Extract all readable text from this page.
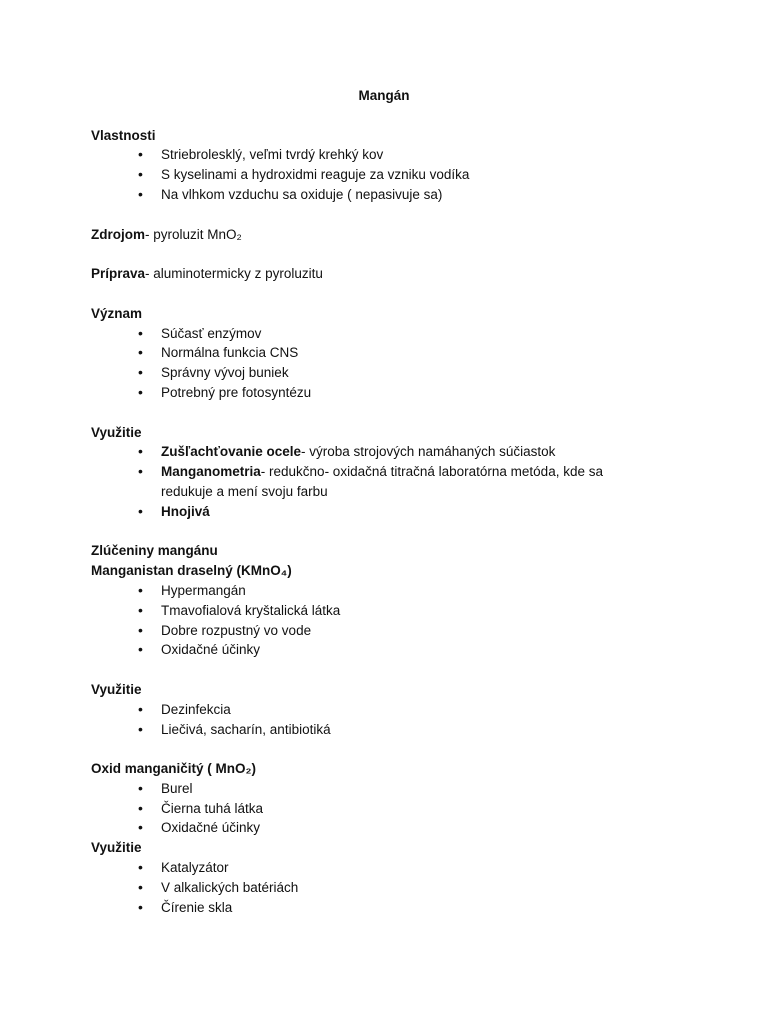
Mangán
Vlastnosti
• Striebrolesklý, veľmi tvrdý krehký kov
• S kyselinami a hydroxidmi reaguje za vzniku vodíka
• Na vlhkom vzduchu sa oxiduje ( nepasivuje sa)
Zdrojom- pyroluzit MnO₂
Príprava- aluminotermicky z pyroluzitu
Význam
• Súčasť enzýmov
• Normálna funkcia CNS
• Správny vývoj buniek
• Potrebný pre fotosyntézu
Využitie
• Zušľachťovanie ocele- výroba strojových namáhaných súčiastok
• Manganometria- redukčno- oxidačná titračná laboratórna metóda, kde sa redukuje a mení svoju farbu
• Hnojivá
Zlúčeniny mangánu
Manganistan draselný (KMnO₄)
• Hypermangán
• Tmavofialová kryštalická látka
• Dobre rozpustný vo vode
• Oxidačné účinky
Využitie
• Dezinfekcia
• Liečivá, sacharín, antibiotiká
Oxid manganičitý ( MnO₂)
• Burel
• Čierna tuhá látka
• Oxidačné účinky
Využitie
• Katalyzátor
• V alkalických batériách
• Čírenie skla
